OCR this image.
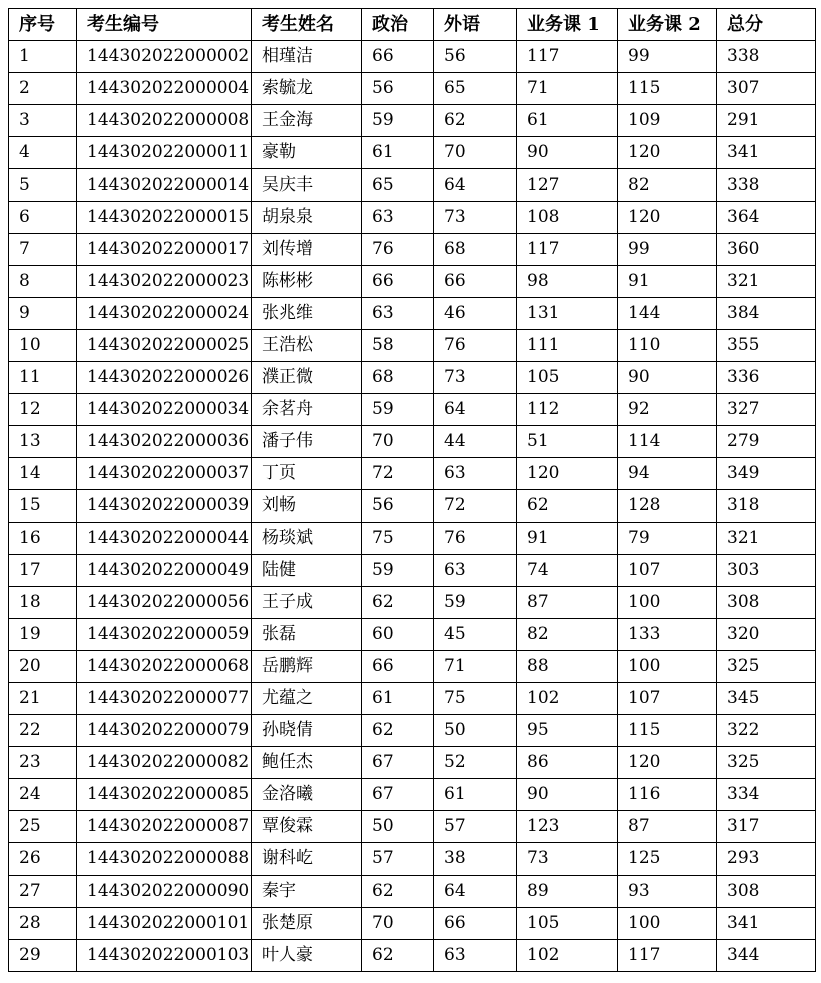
序号	考生编号	考生姓名	政治	外语	业务课 1	业务课 2	总分
1	144302022000002	相瑾洁	66	56	117	99	338
2	144302022000004	索毓龙	56	65	71	115	307
3	144302022000008	王金海	59	62	61	109	291
4	144302022000011	豪勒	61	70	90	120	341
5	144302022000014	吴庆丰	65	64	127	82	338
6	144302022000015	胡泉泉	63	73	108	120	364
7	144302022000017	刘传增	76	68	117	99	360
8	144302022000023	陈彬彬	66	66	98	91	321
9	144302022000024	张兆维	63	46	131	144	384
10	144302022000025	王浩松	58	76	111	110	355
11	144302022000026	濮正微	68	73	105	90	336
12	144302022000034	余茗舟	59	64	112	92	327
13	144302022000036	潘子伟	70	44	51	114	279
14	144302022000037	丁页	72	63	120	94	349
15	144302022000039	刘畅	56	72	62	128	318
16	144302022000044	杨琰斌	75	76	91	79	321
17	144302022000049	陆健	59	63	74	107	303
18	144302022000056	王子成	62	59	87	100	308
19	144302022000059	张磊	60	45	82	133	320
20	144302022000068	岳鹏辉	66	71	88	100	325
21	144302022000077	尤蕴之	61	75	102	107	345
22	144302022000079	孙晓倩	62	50	95	115	322
23	144302022000082	鲍任杰	67	52	86	120	325
24	144302022000085	金洛曦	67	61	90	116	334
25	144302022000087	覃俊霖	50	57	123	87	317
26	144302022000088	谢科屹	57	38	73	125	293
27	144302022000090	秦宇	62	64	89	93	308
28	144302022000101	张楚原	70	66	105	100	341
29	144302022000103	叶人豪	62	63	102	117	344
